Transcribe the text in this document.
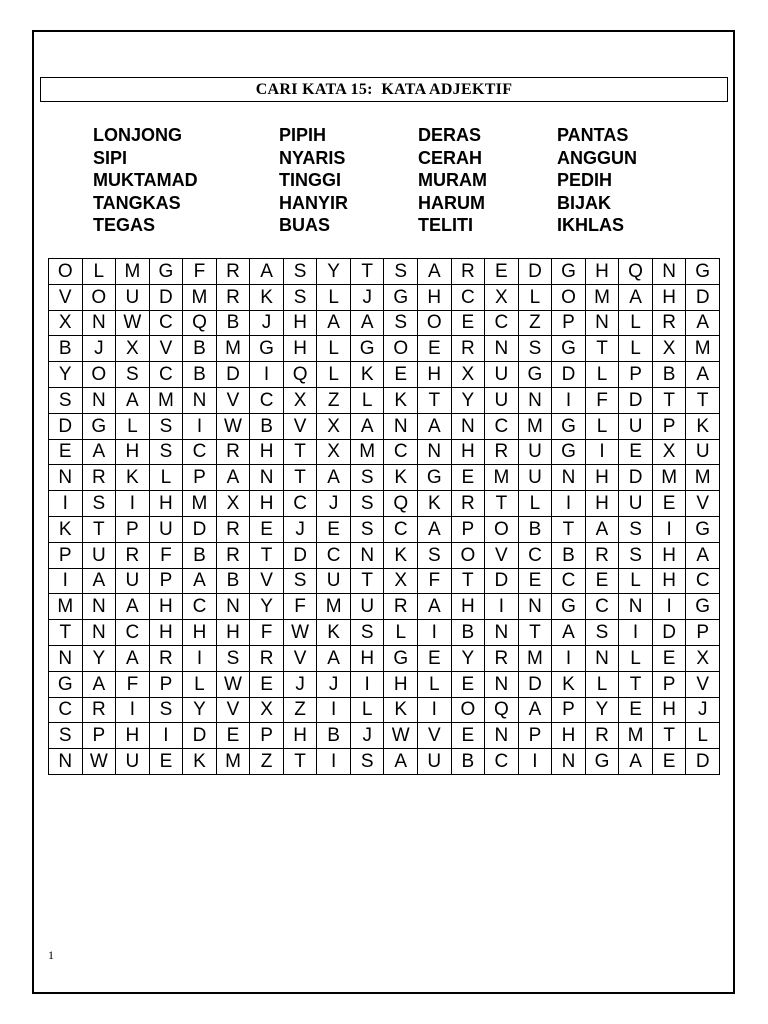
CARI KATA 15:  KATA ADJEKTIF
LONJONG
SIPI
MUKTAMAD
TANGKAS
TEGAS
PIPIH
NYARIS
TINGGI
HANYIR
BUAS
DERAS
CERAH
MURAM
HARUM
TELITI
PANTAS
ANGGUN
PEDIH
BIJAK
IKHLAS
O	L	M	G	F	R	A	S	Y	T	S	A	R	E	D	G	H	Q	N	G
V	O	U	D	M	R	K	S	L	J	G	H	C	X	L	O	M	A	H	D
X	N	W	C	Q	B	J	H	A	A	S	O	E	C	Z	P	N	L	R	A
B	J	X	V	B	M	G	H	L	G	O	E	R	N	S	G	T	L	X	M
Y	O	S	C	B	D	I	Q	L	K	E	H	X	U	G	D	L	P	B	A
S	N	A	M	N	V	C	X	Z	L	K	T	Y	U	N	I	F	D	T	T
D	G	L	S	I	W	B	V	X	A	N	A	N	C	M	G	L	U	P	K
E	A	H	S	C	R	H	T	X	M	C	N	H	R	U	G	I	E	X	U
N	R	K	L	P	A	N	T	A	S	K	G	E	M	U	N	H	D	M	M
I	S	I	H	M	X	H	C	J	S	Q	K	R	T	L	I	H	U	E	V
K	T	P	U	D	R	E	J	E	S	C	A	P	O	B	T	A	S	I	G
P	U	R	F	B	R	T	D	C	N	K	S	O	V	C	B	R	S	H	A
I	A	U	P	A	B	V	S	U	T	X	F	T	D	E	C	E	L	H	C
M	N	A	H	C	N	Y	F	M	U	R	A	H	I	N	G	C	N	I	G
T	N	C	H	H	H	F	W	K	S	L	I	B	N	T	A	S	I	D	P
N	Y	A	R	I	S	R	V	A	H	G	E	Y	R	M	I	N	L	E	X
G	A	F	P	L	W	E	J	J	I	H	L	E	N	D	K	L	T	P	V
C	R	I	S	Y	V	X	Z	I	L	K	I	O	Q	A	P	Y	E	H	J
S	P	H	I	D	E	P	H	B	J	W	V	E	N	P	H	R	M	T	L
N	W	U	E	K	M	Z	T	I	S	A	U	B	C	I	N	G	A	E	D
1
